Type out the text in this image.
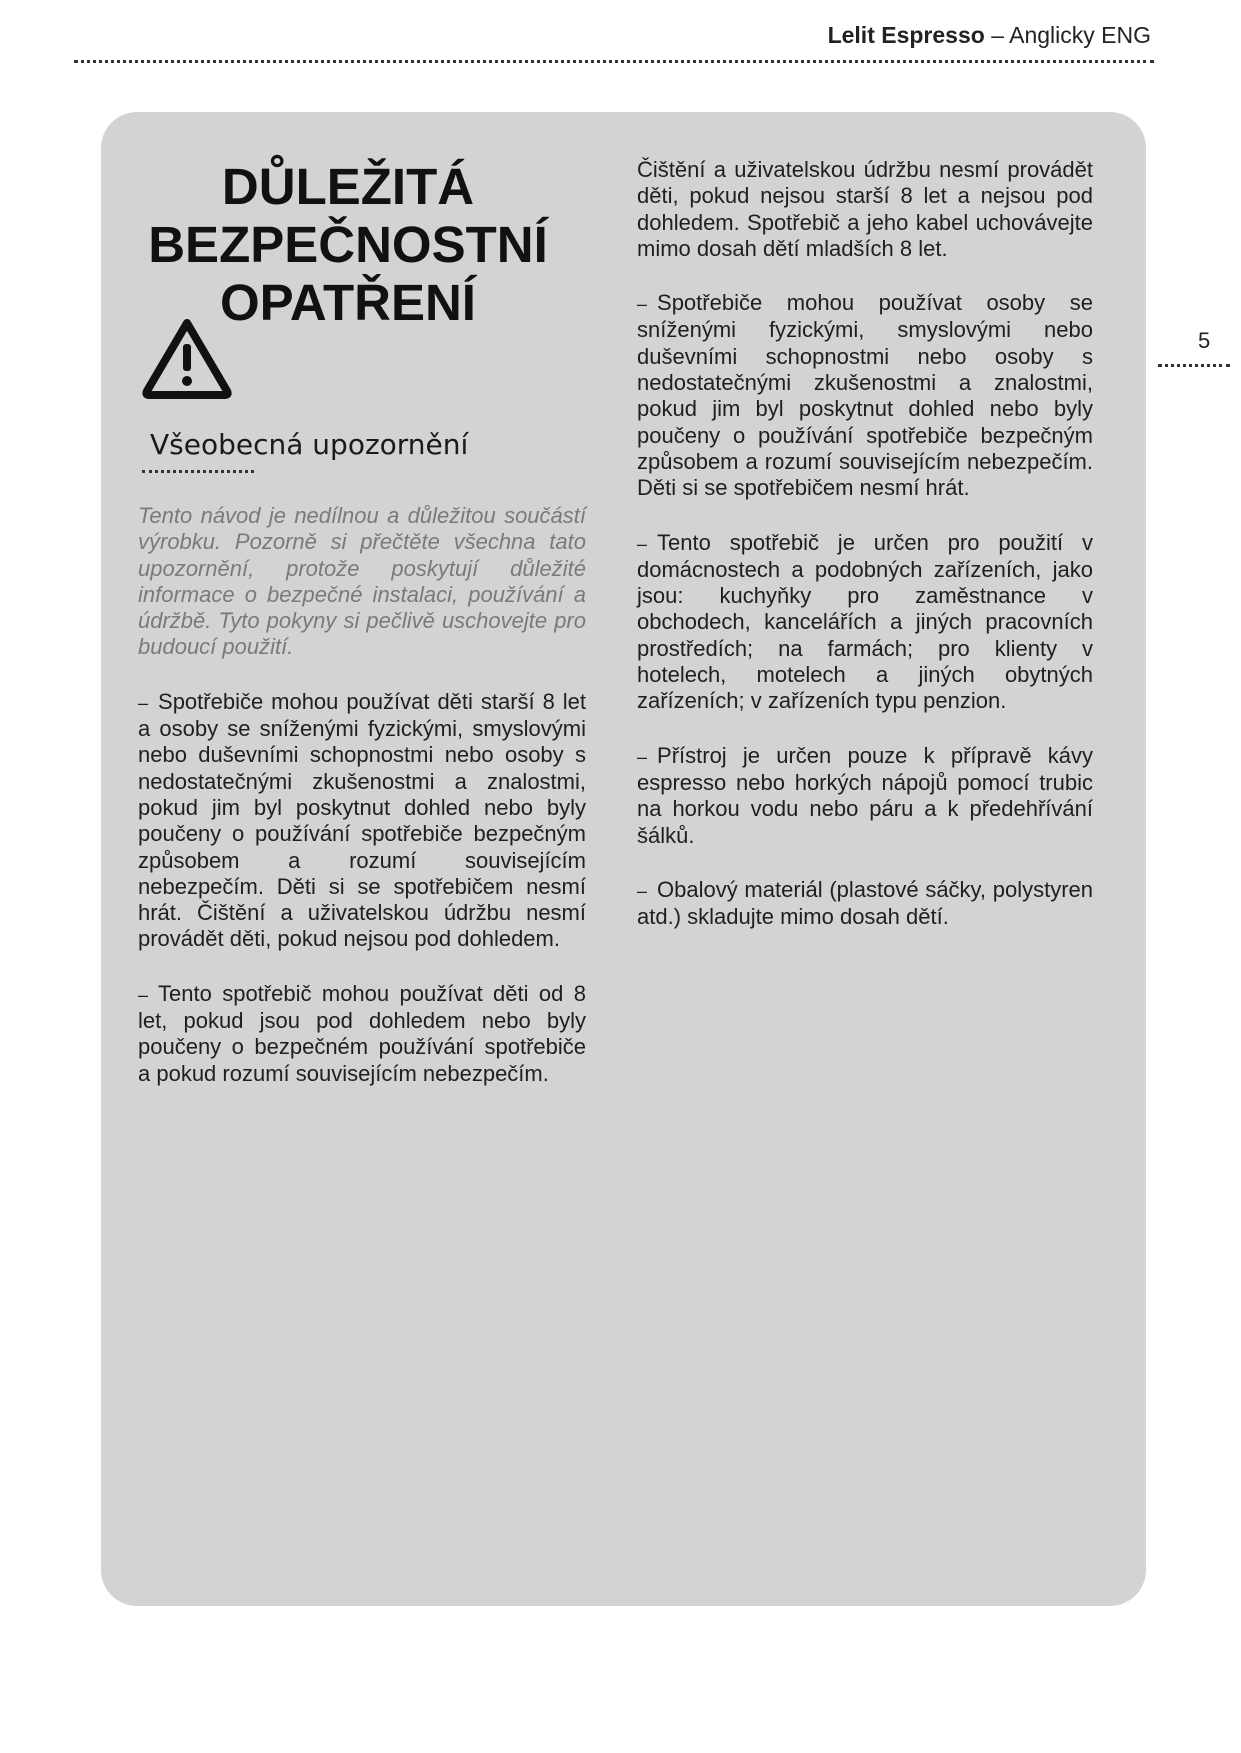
Lelit Espresso – Anglicky ENG
5
DŮLEŽITÁ BEZPEČNOSTNÍ OPATŘENÍ
Všeobecná upozornění

Tento návod je nedílnou a důležitou součástí výrobku. Pozorně si přečtěte všechna tato upozornění, protože poskytují důležité informace o bezpečné instalaci, používání a údržbě. Tyto pokyny si pečlivě uschovejte pro budoucí použití.

– Spotřebiče mohou používat děti starší 8 let a osoby se sníženými fyzickými, smyslovými nebo duševními schopnostmi nebo osoby s nedostatečnými zkušenostmi a znalostmi, pokud jim byl poskytnut dohled nebo byly poučeny o používání spotřebiče bezpečným způsobem a rozumí souvisejícím nebezpečím. Děti si se spotřebičem nesmí hrát. Čištění a uživatelskou údržbu nesmí provádět děti, pokud nejsou pod dohledem.

– Tento spotřebič mohou používat děti od 8 let, pokud jsou pod dohledem nebo byly poučeny o bezpečném používání spotřebiče a pokud rozumí souvisejícím nebezpečím.

Čištění a uživatelskou údržbu nesmí provádět děti, pokud nejsou starší 8 let a nejsou pod dohledem. Spotřebič a jeho kabel uchovávejte mimo dosah dětí mladších 8 let.

– Spotřebiče mohou používat osoby se sníženými fyzickými, smyslovými nebo duševními schopnostmi nebo osoby s nedostatečnými zkušenostmi a znalostmi, pokud jim byl poskytnut dohled nebo byly poučeny o používání spotřebiče bezpečným způsobem a rozumí souvisejícím nebezpečím. Děti si se spotřebičem nesmí hrát.

– Tento spotřebič je určen pro použití v domácnostech a podobných zařízeních, jako jsou: kuchyňky pro zaměstnance v obchodech, kancelářích a jiných pracovních prostředích; na farmách; pro klienty v hotelech, motelech a jiných obytných zařízeních; v zařízeních typu penzion.

– Přístroj je určen pouze k přípravě kávy espresso nebo horkých nápojů pomocí trubic na horkou vodu nebo páru a k předehřívání šálků.

– Obalový materiál (plastové sáčky, polystyren atd.) skladujte mimo dosah dětí.
